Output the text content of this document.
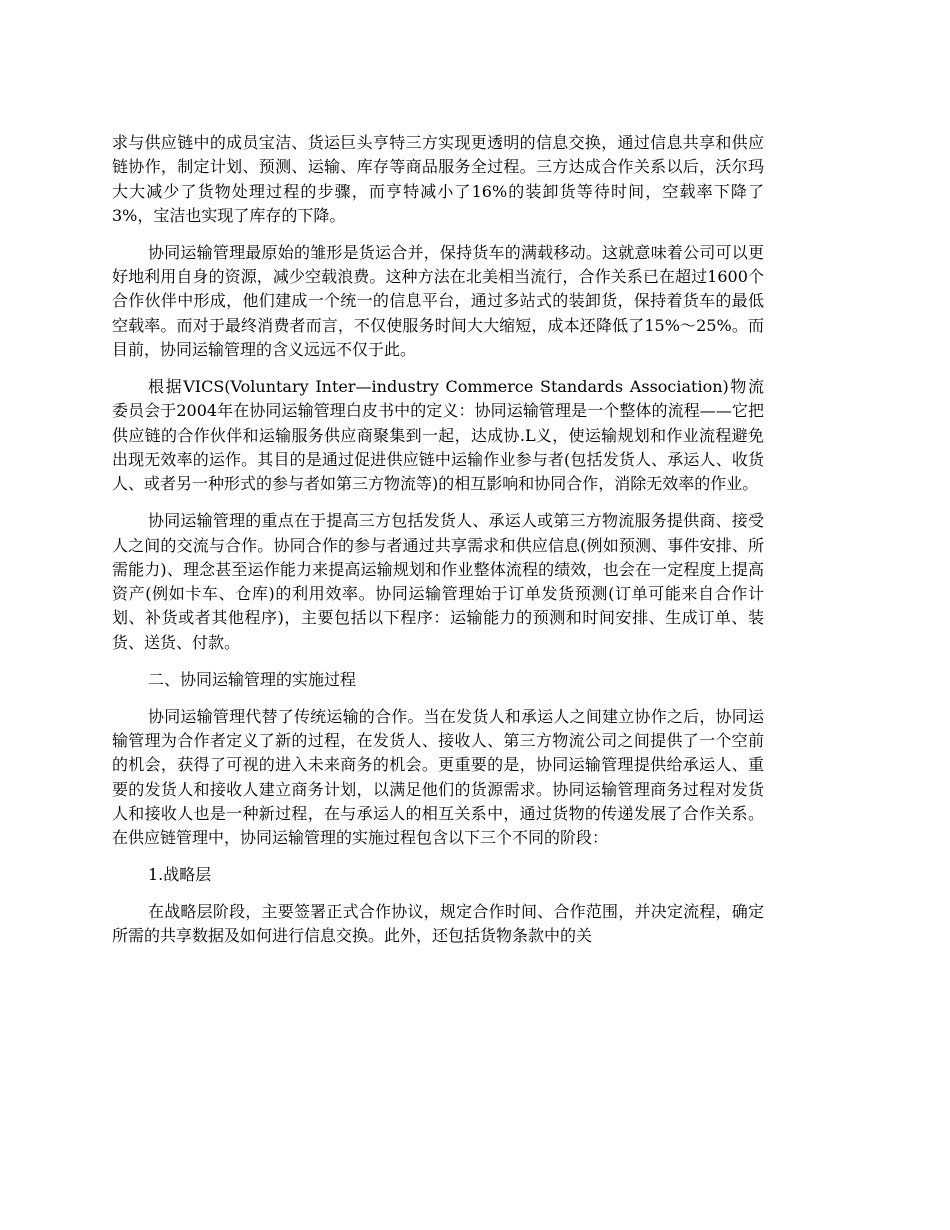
求与供应链中的成员宝洁、货运巨头亨特三方实现更透明的信息交换，通过信息共享和供应链协作，制定计划、预测、运输、库存等商品服务全过程。三方达成合作关系以后，沃尔玛大大减少了货物处理过程的步骤，而亨特减小了16%的装卸货等待时间，空载率下降了3%，宝洁也实现了库存的下降。

协同运输管理最原始的雏形是货运合并，保持货车的满载移动。这就意味着公司可以更好地利用自身的资源，减少空载浪费。这种方法在北美相当流行，合作关系已在超过1600个合作伙伴中形成，他们建成一个统一的信息平台，通过多站式的装卸货，保持着货车的最低空载率。而对于最终消费者而言，不仅使服务时间大大缩短，成本还降低了15%～25%。而目前，协同运输管理的含义远远不仅于此。

根据VICS(Voluntary Inter—industry Commerce Standards Association)物流委员会于2004年在协同运输管理白皮书中的定义：协同运输管理是一个整体的流程——它把供应链的合作伙伴和运输服务供应商聚集到一起，达成协.L义，使运输规划和作业流程避免出现无效率的运作。其目的是通过促进供应链中运输作业参与者(包括发货人、承运人、收货人、或者另一种形式的参与者如第三方物流等)的相互影响和协同合作，消除无效率的作业。

协同运输管理的重点在于提高三方包括发货人、承运人或第三方物流服务提供商、接受人之间的交流与合作。协同合作的参与者通过共享需求和供应信息(例如预测、事件安排、所需能力)、理念甚至运作能力来提高运输规划和作业整体流程的绩效，也会在一定程度上提高资产(例如卡车、仓库)的利用效率。协同运输管理始于订单发货预测(订单可能来自合作计划、补货或者其他程序)，主要包括以下程序：运输能力的预测和时间安排、生成订单、装货、送货、付款。

二、协同运输管理的实施过程

协同运输管理代替了传统运输的合作。当在发货人和承运人之间建立协作之后，协同运输管理为合作者定义了新的过程，在发货人、接收人、第三方物流公司之间提供了一个空前的机会，获得了可视的进入未来商务的机会。更重要的是，协同运输管理提供给承运人、重要的发货人和接收人建立商务计划，以满足他们的货源需求。协同运输管理商务过程对发货人和接收人也是一种新过程，在与承运人的相互关系中，通过货物的传递发展了合作关系。在供应链管理中，协同运输管理的实施过程包含以下三个不同的阶段：

1.战略层

在战略层阶段，主要签署正式合作协议，规定合作时间、合作范围，并决定流程，确定所需的共享数据及如何进行信息交换。此外，还包括货物条款中的关
